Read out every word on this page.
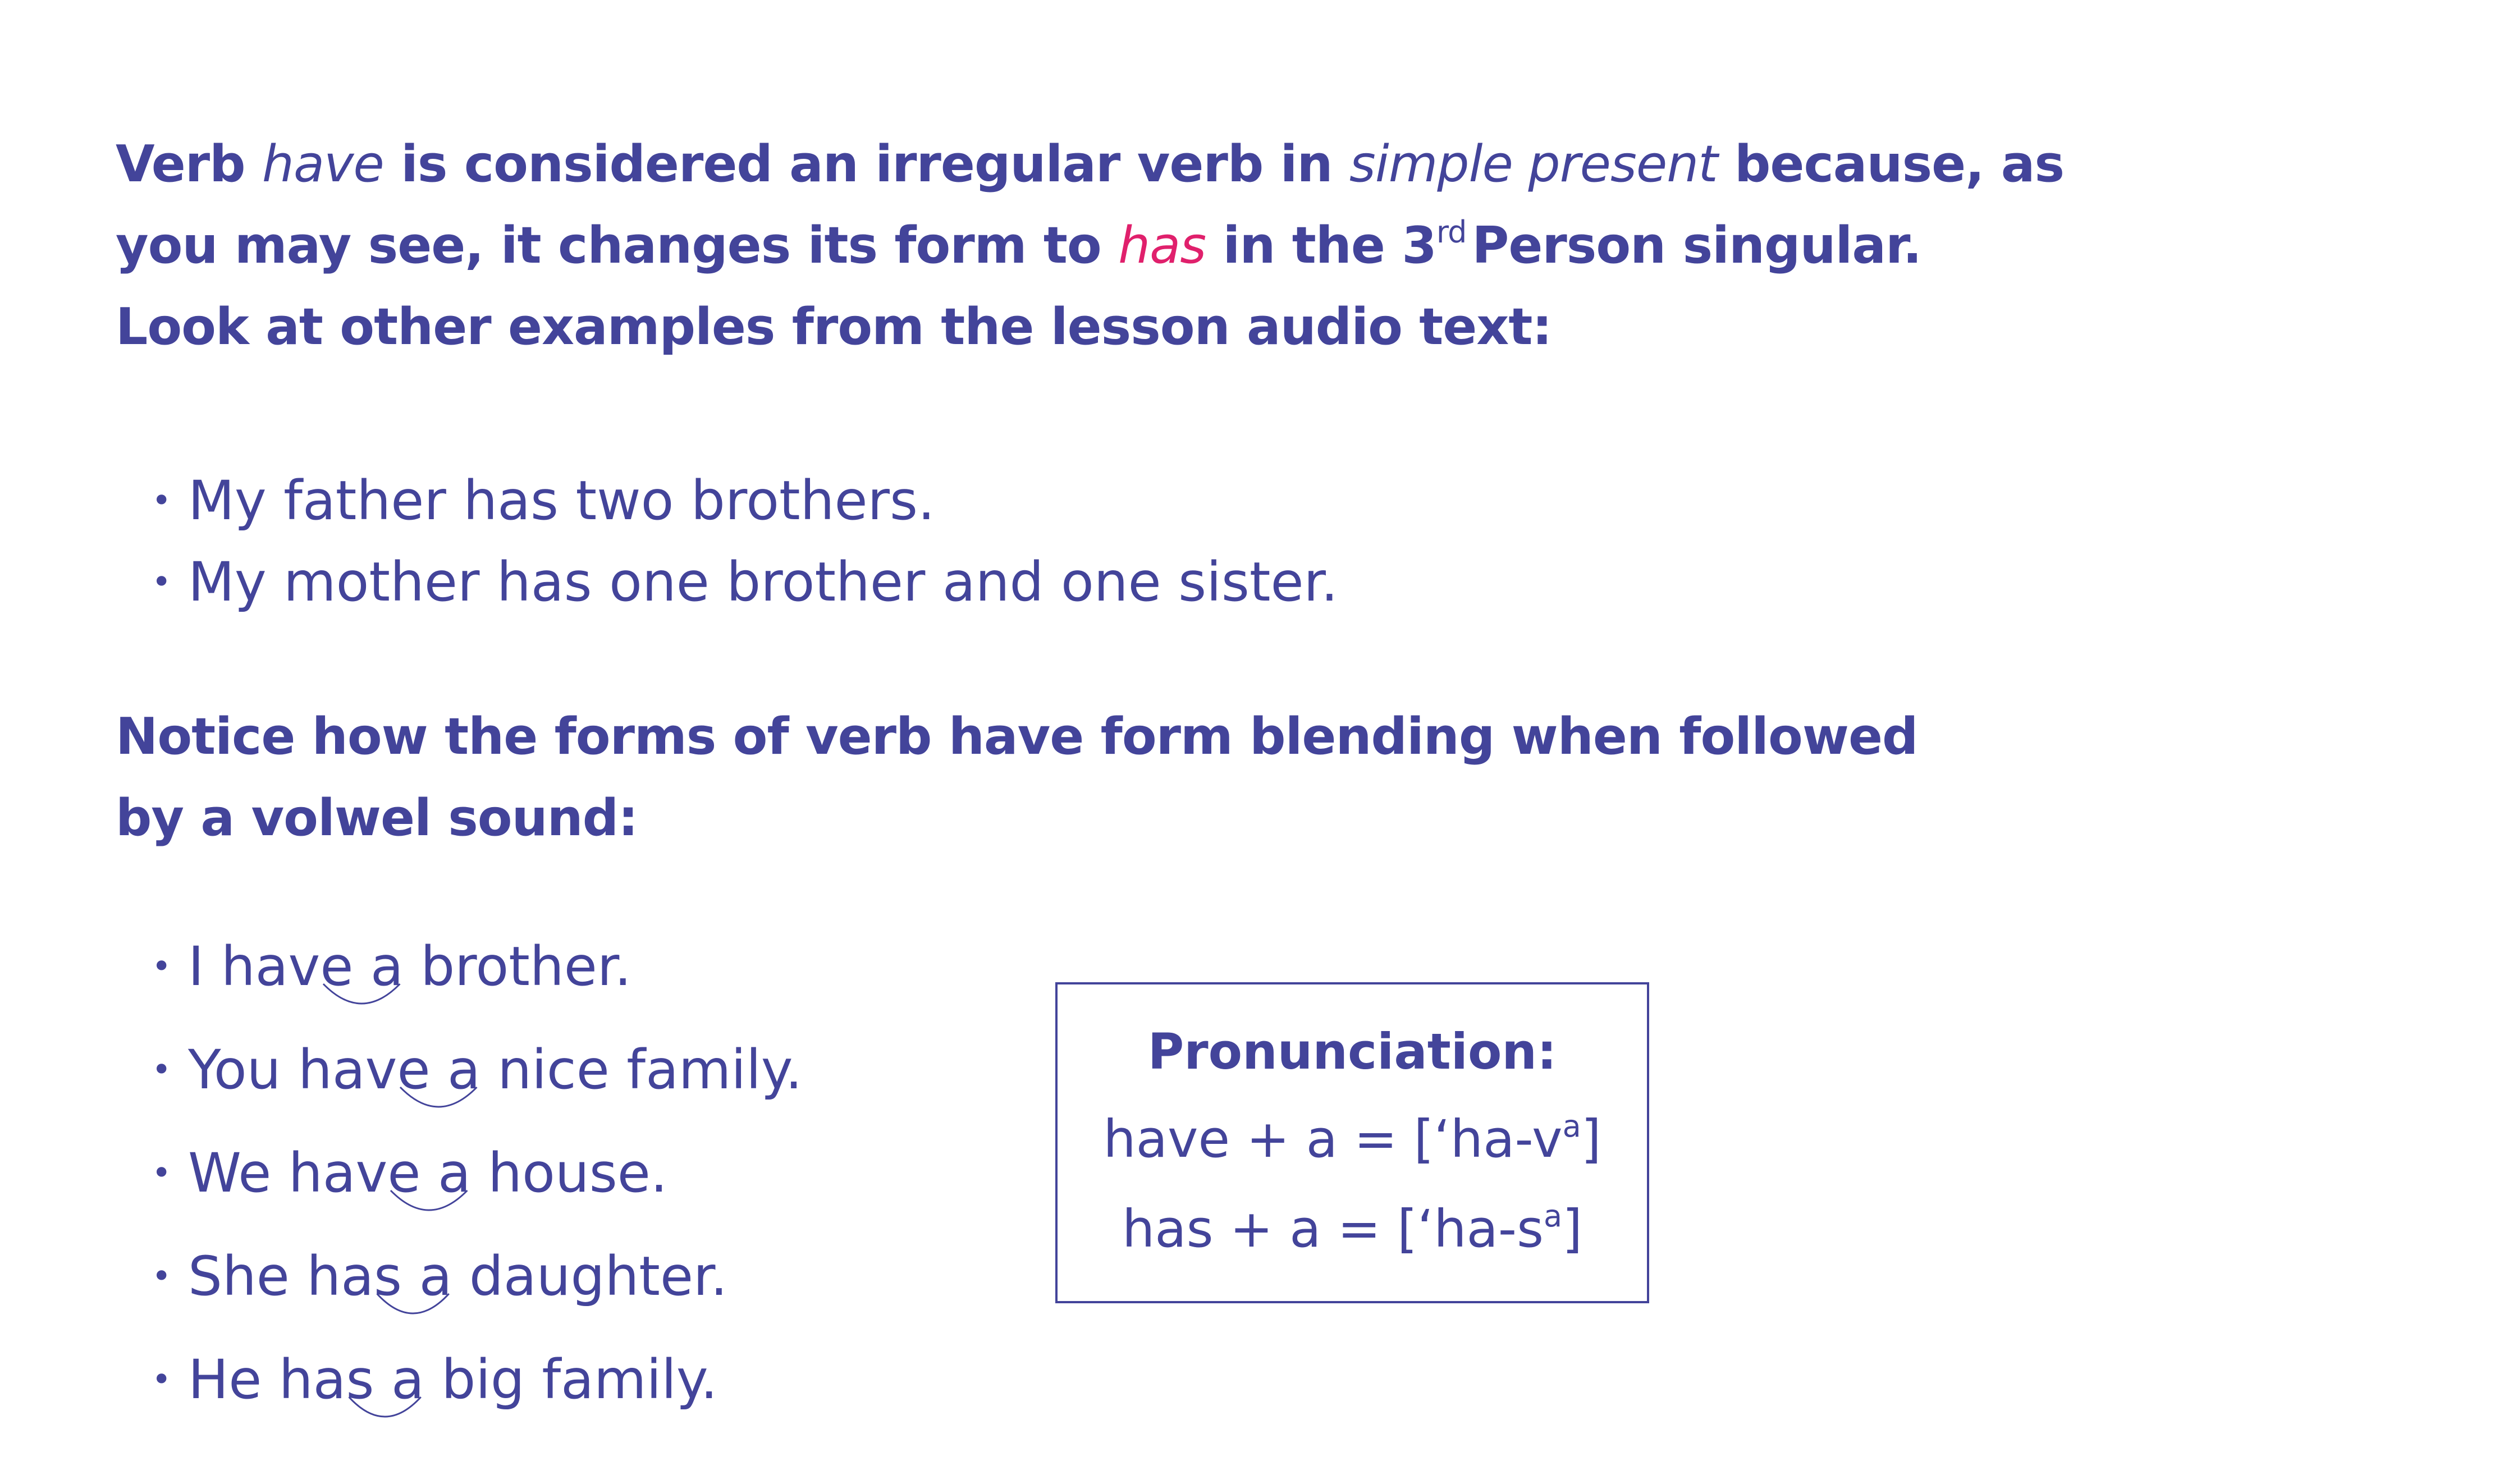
Verb have is considered an irregular verb in simple present because, as

you may see, it changes its form to has in the 3rd Person singular.

Look at other examples from the lesson audio text:

• My father has two brothers.
• My mother has one brother and one sister.

Notice how the forms of verb have form blending when followed

by a volwel sound:

• I have a
brother.
• You have a
nice family.
• We have a
house.
• She has a
daughter.
• He has a
big family.
Pronunciation:
have + $a = [‘ha-v^a]$
has + $a = [‘ha-s^a]$
